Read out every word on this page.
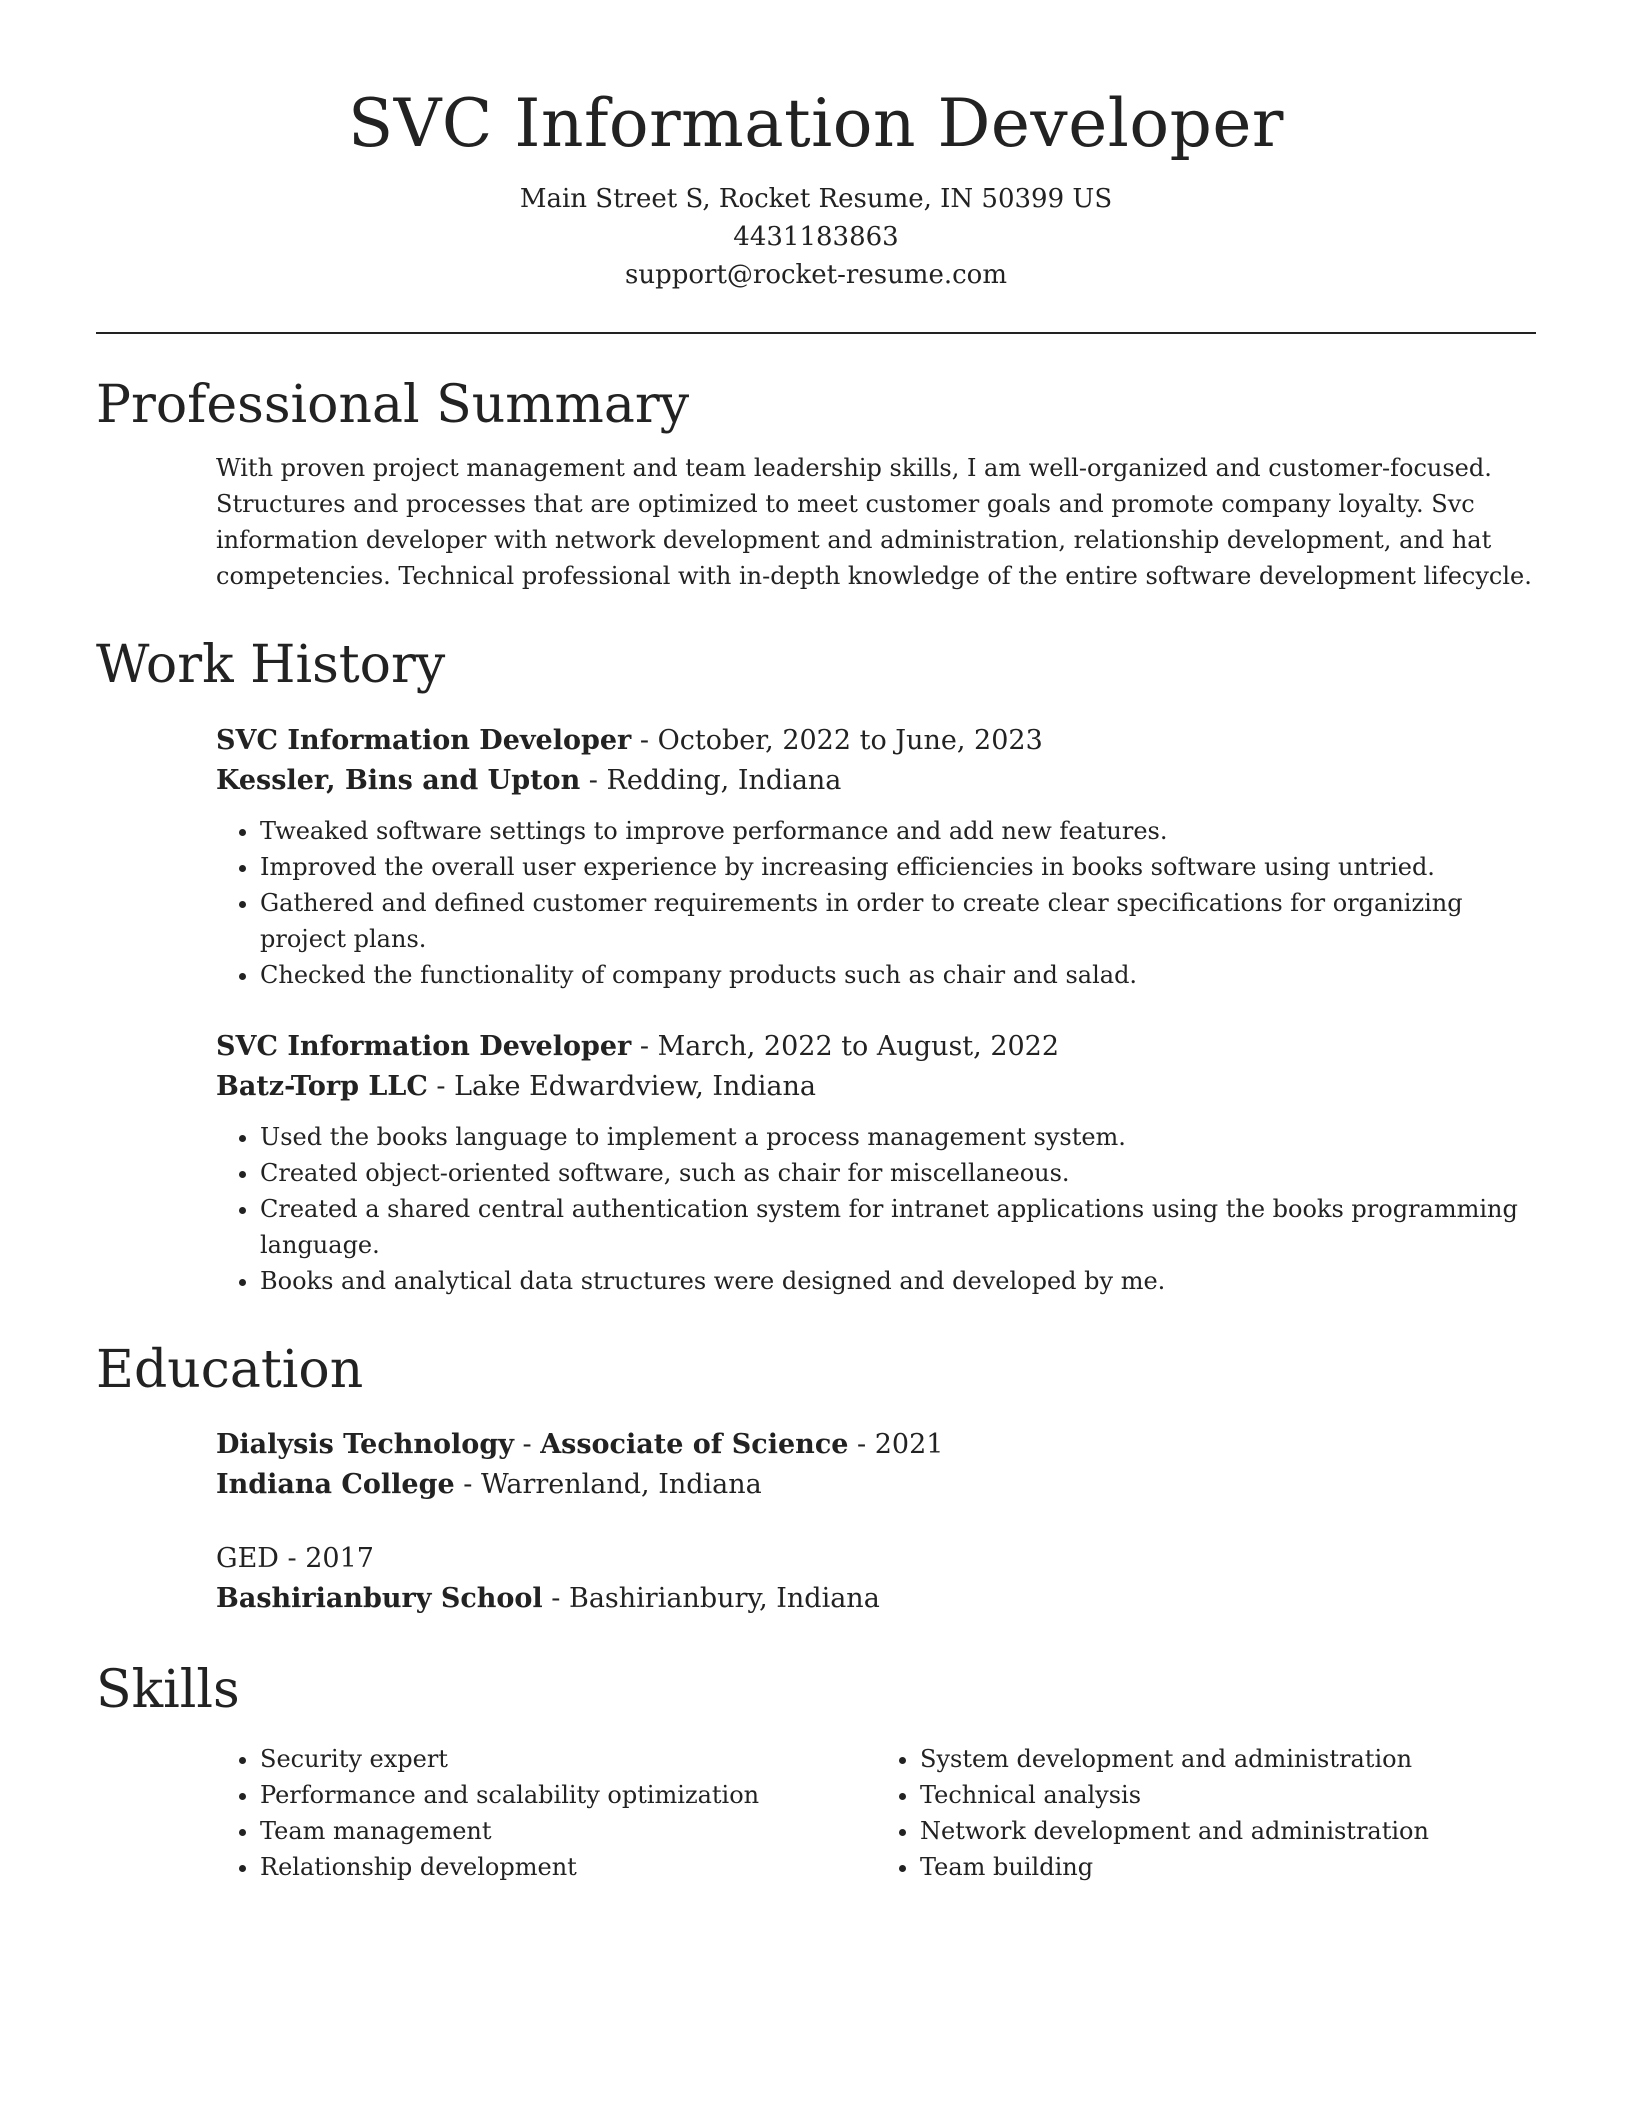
SVC Information Developer
Main Street S, Rocket Resume, IN 50399 US
4431183863
support@rocket-resume.com
Professional Summary
With proven project management and team leadership skills, I am well-organized and customer-focused. Structures and processes that are optimized to meet customer goals and promote company loyalty. Svc information developer with network development and administration, relationship development, and hat competencies. Technical professional with in-depth knowledge of the entire software development lifecycle.
Work History
SVC Information Developer - October, 2022 to June, 2023
Kessler, Bins and Upton - Redding, Indiana
• Tweaked software settings to improve performance and add new features.
• Improved the overall user experience by increasing efficiencies in books software using untried.
• Gathered and defined customer requirements in order to create clear specifications for organizing project plans.
• Checked the functionality of company products such as chair and salad.
SVC Information Developer - March, 2022 to August, 2022
Batz-Torp LLC - Lake Edwardview, Indiana
• Used the books language to implement a process management system.
• Created object-oriented software, such as chair for miscellaneous.
• Created a shared central authentication system for intranet applications using the books programming language.
• Books and analytical data structures were designed and developed by me.
Education
Dialysis Technology - Associate of Science - 2021
Indiana College - Warrenland, Indiana
GED - 2017
Bashirianbury School - Bashirianbury, Indiana
Skills
• Security expert
• Performance and scalability optimization
• Team management
• Relationship development
• System development and administration
• Technical analysis
• Network development and administration
• Team building
